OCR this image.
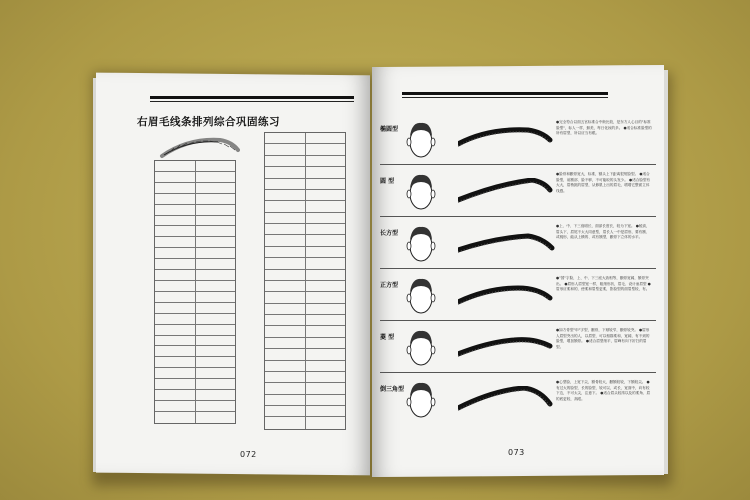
右眉毛线条排列综合巩固练习
072
椭圆型
●完全符合以面五官标准合中般比较，是东方人心目的"标准脸型"，标人一样，拥美，每日化妆的多。 ●适合标准脸型的所有眉型，所以应当有眼。
圆 型
●脸骨和颧骨宽大，标准，额头上下距离很短脸型。 ●适合脸型，前额部、脸不够，不可能取的头发少。 ●适合脸型有大大，眉梢挑的眉型，从修肌上出的眉毛，增增它整面立体线感。
长方型
●上、中、下三庭明长，面部长度长，较为下宽。 ●棱高，眉头下，眉尾不太大同意型，眉长人一中是眉形，要有额、或桃形，能从上横的、或有额型，颧骨下立体的水平。
正方型
●"国"字脸，上、中、下三庭大致相等，颧骨宽阔，额骨突出。 ●眉形人眉型宽一样，粗细形状，眉毛、设计而眉型 ●眉形应柔和的，使柔和眉型更柔，影脸型的面眉型较，有。
菱 型
●如方骨型"申"字型，颧骨，下颏较窄，颧骨较突。 ●眉形人眉型突出的人，以眉型，可以相描柔和，宽阔，有不到的脸型，增加额骨。 ●适合眉型细平，眉峰有向下折扫的眉型。
倒三角型
●心型脸，上宽下尖，额骨较大，颧额较较，下额较尖。 ●有过大的脸型，长的脸型，较可以，或长，宽面中，向有较下边，不可太尖，注意下。 ●适合眉头较浓以及的柔角、眉的底更较，高眼。
073
